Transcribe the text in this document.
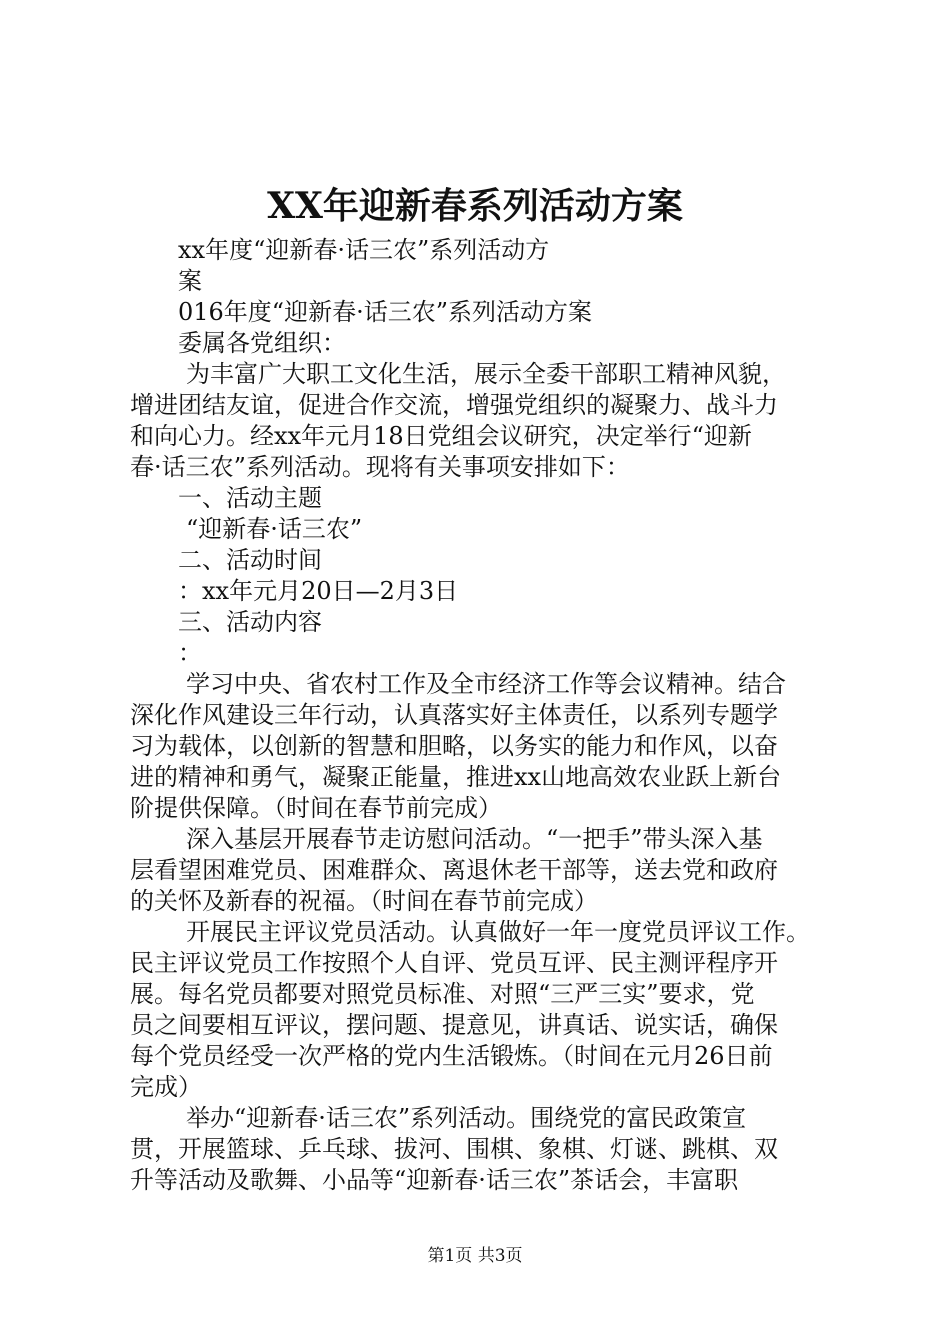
XX年迎新春系列活动方案
xx年度“迎新春·话三农”系列活动方
案
016年度“迎新春·话三农”系列活动方案
委属各党组织：
为丰富广大职工文化生活，展示全委干部职工精神风貌，
增进团结友谊，促进合作交流，增强党组织的凝聚力、战斗力
和向心力。经xx年元月18日党组会议研究，决定举行“迎新
春·话三农”系列活动。现将有关事项安排如下：
一、活动主题
“迎新春·话三农”
二、活动时间
：xx年元月20日—2月3日
三、活动内容
：
学习中央、省农村工作及全市经济工作等会议精神。结合
深化作风建设三年行动，认真落实好主体责任，以系列专题学
习为载体，以创新的智慧和胆略，以务实的能力和作风，以奋
进的精神和勇气，凝聚正能量，推进xx山地高效农业跃上新台
阶提供保障。（时间在春节前完成）
深入基层开展春节走访慰问活动。“一把手”带头深入基
层看望困难党员、困难群众、离退休老干部等，送去党和政府
的关怀及新春的祝福。（时间在春节前完成）
开展民主评议党员活动。认真做好一年一度党员评议工作。
民主评议党员工作按照个人自评、党员互评、民主测评程序开
展。每名党员都要对照党员标准、对照“三严三实”要求，党
员之间要相互评议，摆问题、提意见，讲真话、说实话，确保
每个党员经受一次严格的党内生活锻炼。（时间在元月26日前
完成）
举办“迎新春·话三农”系列活动。围绕党的富民政策宣
贯，开展篮球、乒乓球、拔河、围棋、象棋、灯谜、跳棋、双
升等活动及歌舞、小品等“迎新春·话三农”茶话会，丰富职
第1页 共3页
